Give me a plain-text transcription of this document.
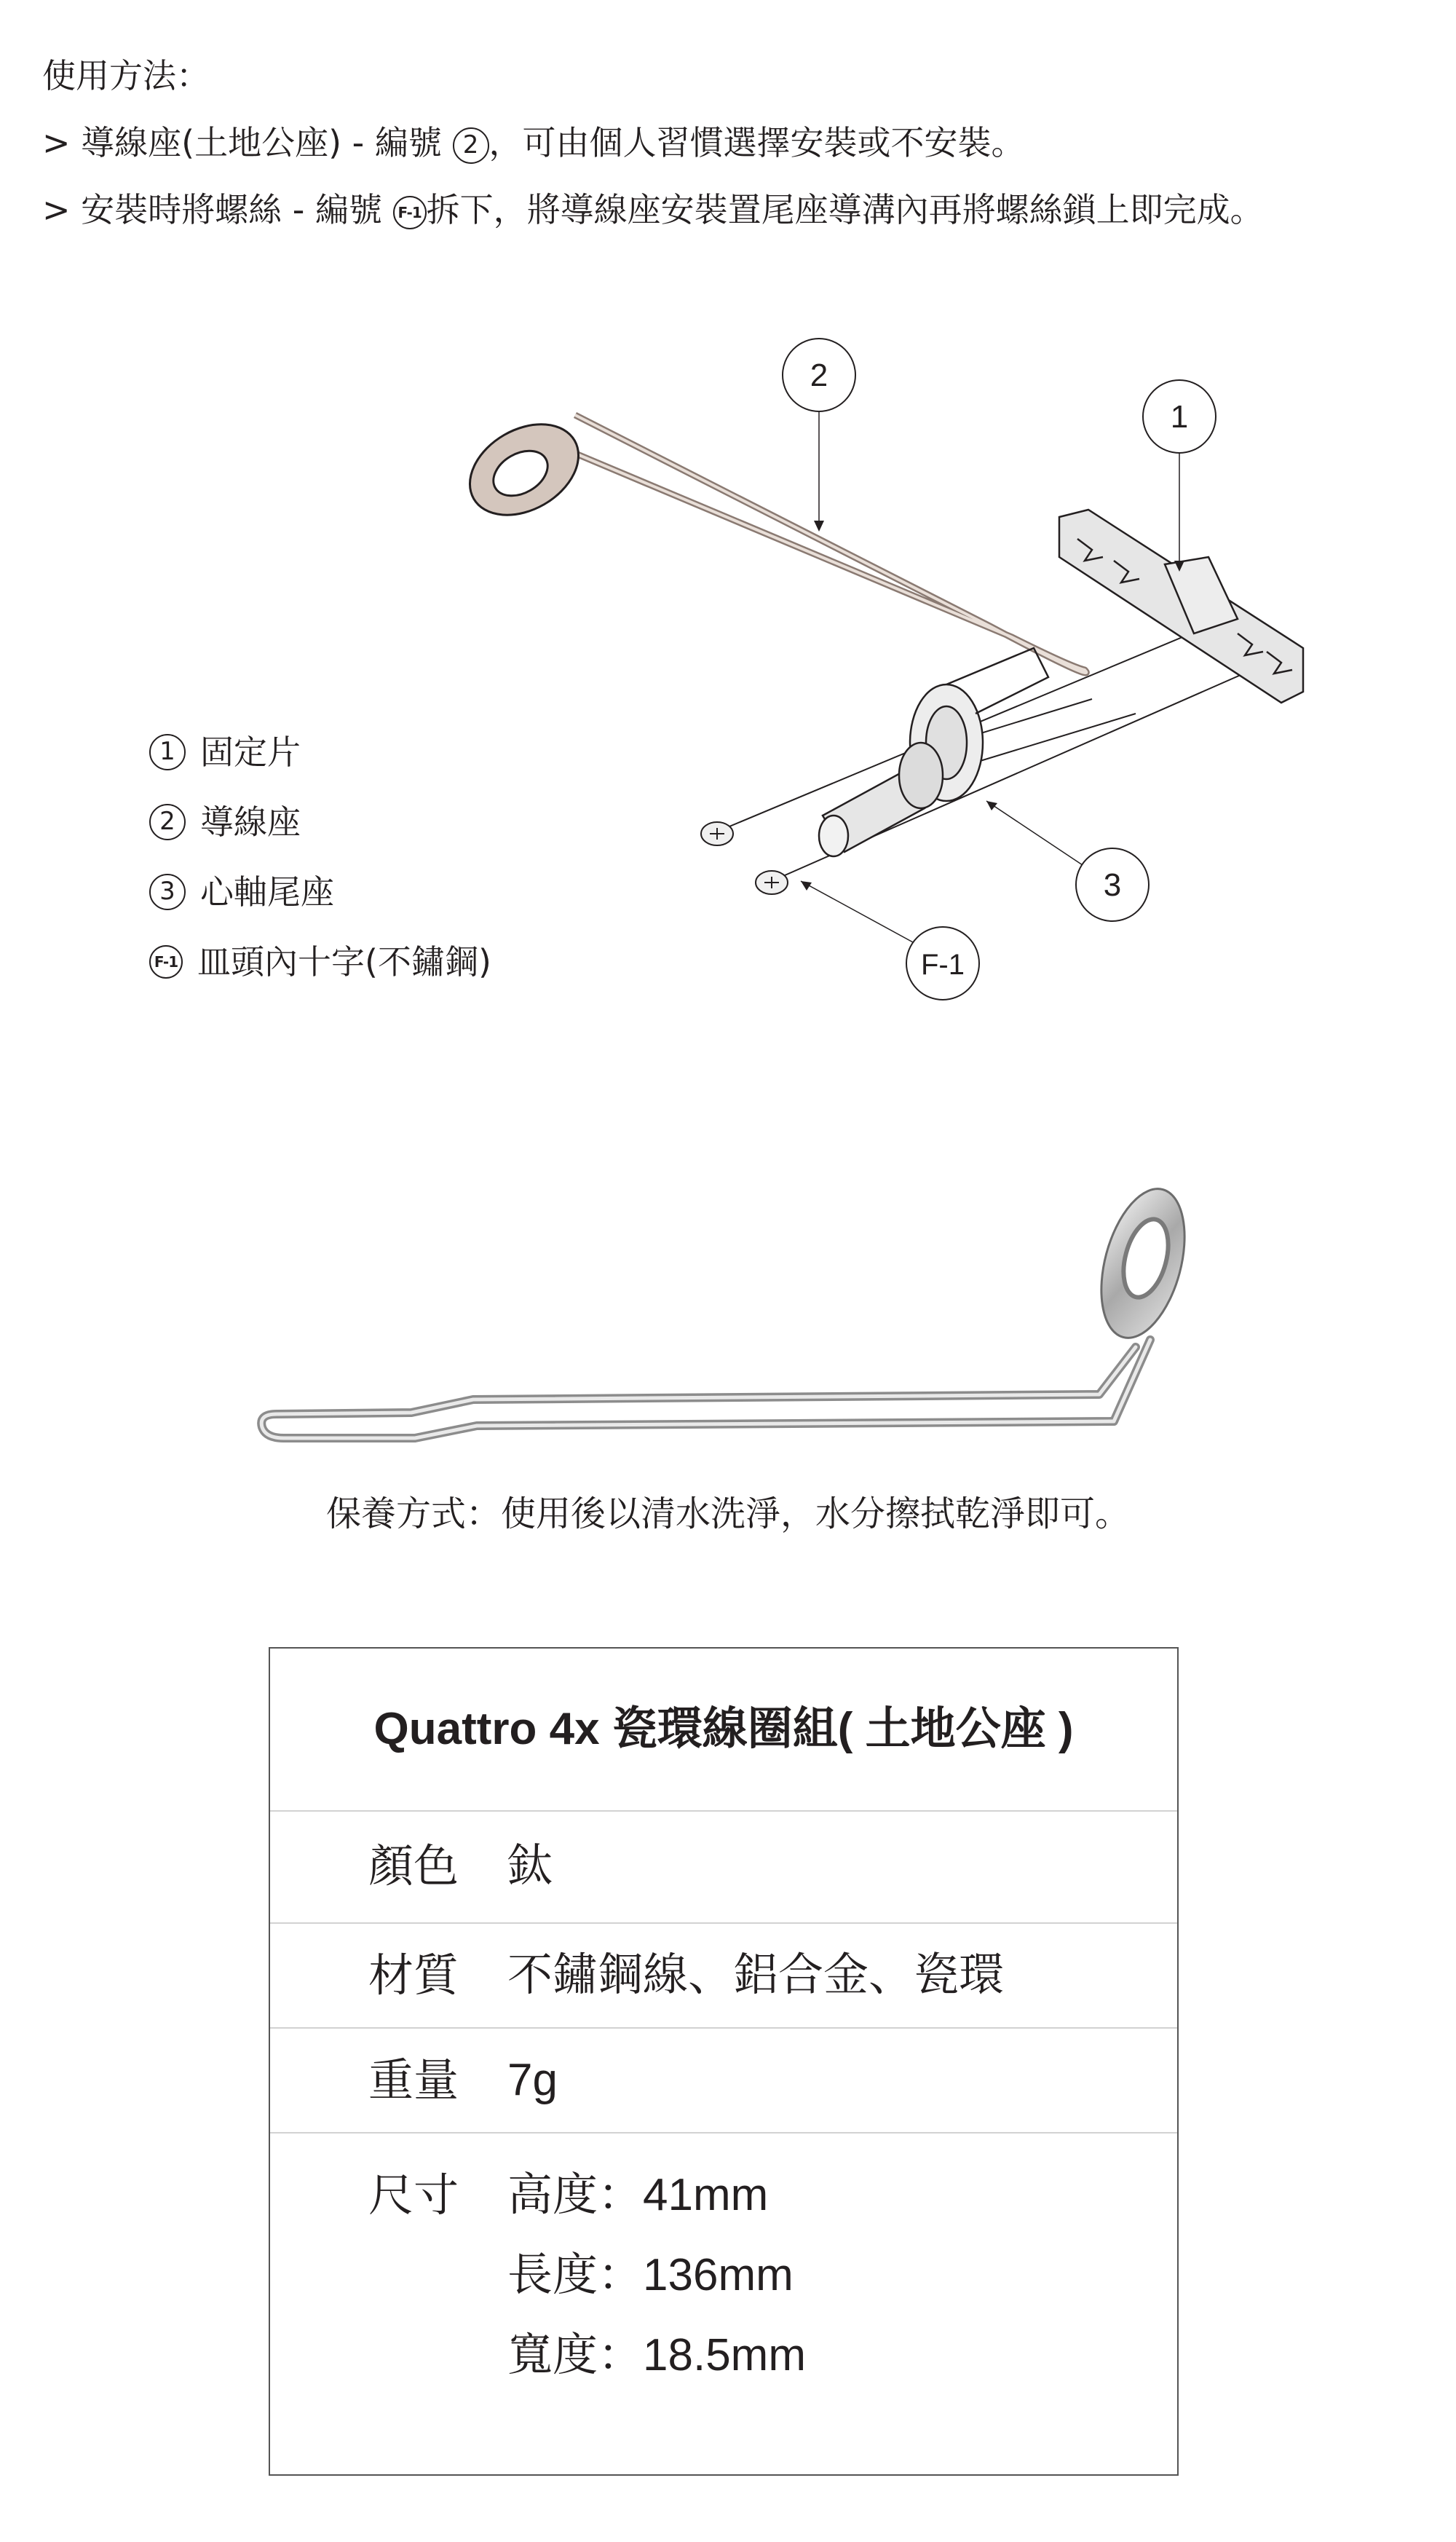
使用方法：
> 導線座(土地公座) - 編號 2 ，可由個人習慣選擇安裝或不安裝。
> 安裝時將螺絲 - 編號 F-1 拆下，將導線座安裝置尾座導溝內再將螺絲鎖上即完成。
2
1
3
F-1
1 固定片
2 導線座
3 心軸尾座
F-1 皿頭內十字(不鏽鋼)
保養方式：使用後以清水洗淨，水分擦拭乾淨即可。
Quattro 4x 瓷環線圈組( 土地公座 )
顏色	鈦
材質	不鏽鋼線、鋁合金、瓷環
重量	7g
尺寸	高度：41mm
長度：136mm
寬度：18.5mm
